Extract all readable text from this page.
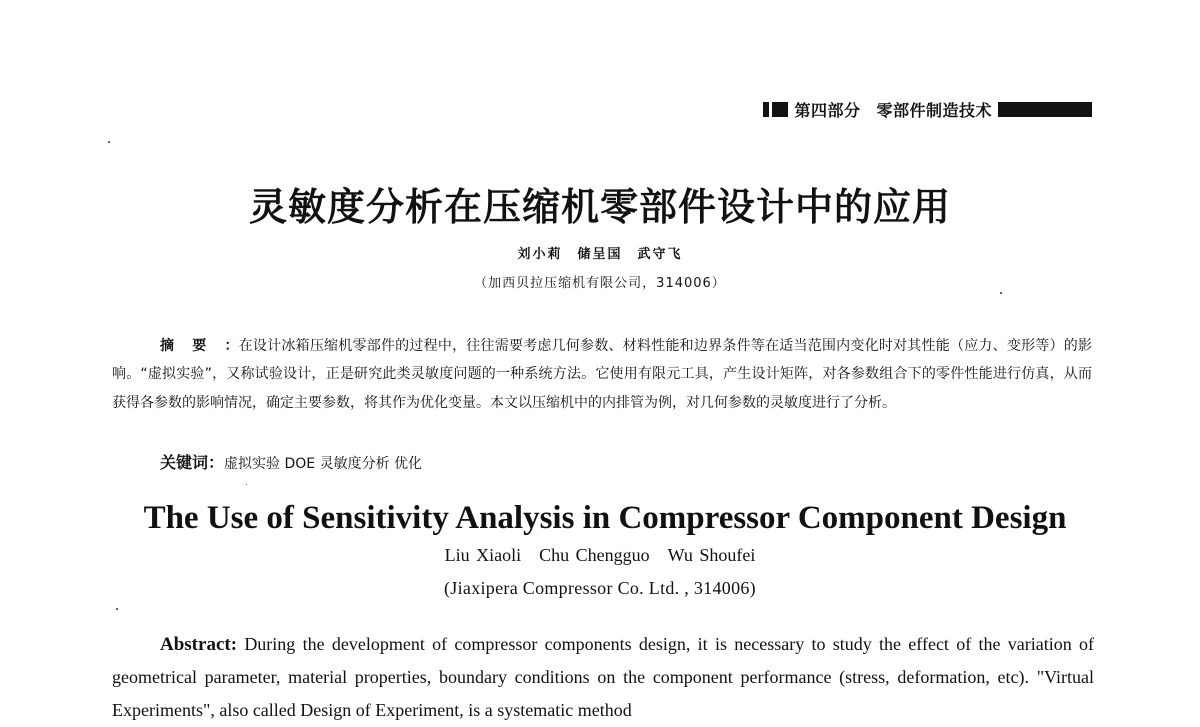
第四部分 零部件制造技术
灵敏度分析在压缩机零部件设计中的应用
刘小莉　储呈国　武守飞
（加西贝拉压缩机有限公司，314006）

摘要：在设计冰箱压缩机零部件的过程中，往往需要考虑几何参数、材料性能和边界条件等在适当范围内变化时对其性能（应力、变形等）的影响。“虚拟实验”，又称试验设计，正是研究此类灵敏度问题的一种系统方法。它使用有限元工具，产生设计矩阵，对各参数组合下的零件性能进行仿真，从而获得各参数的影响情况，确定主要参数，将其作为优化变量。本文以压缩机中的内排管为例，对几何参数的灵敏度进行了分析。

关键词：虚拟实验 DOE 灵敏度分析 优化
The Use of Sensitivity Analysis in Compressor Component Design
Liu Xiaoli Chu Chengguo Wu Shoufei
(Jiaxipera Compressor Co. Ltd. , 314006)

Abstract: During the development of compressor components design, it is necessary to study the effect of the variation of geometrical parameter, material properties, boundary conditions on the component performance (stress, deformation, etc). "Virtual Experiments", also called Design of Experiment, is a systematic method
